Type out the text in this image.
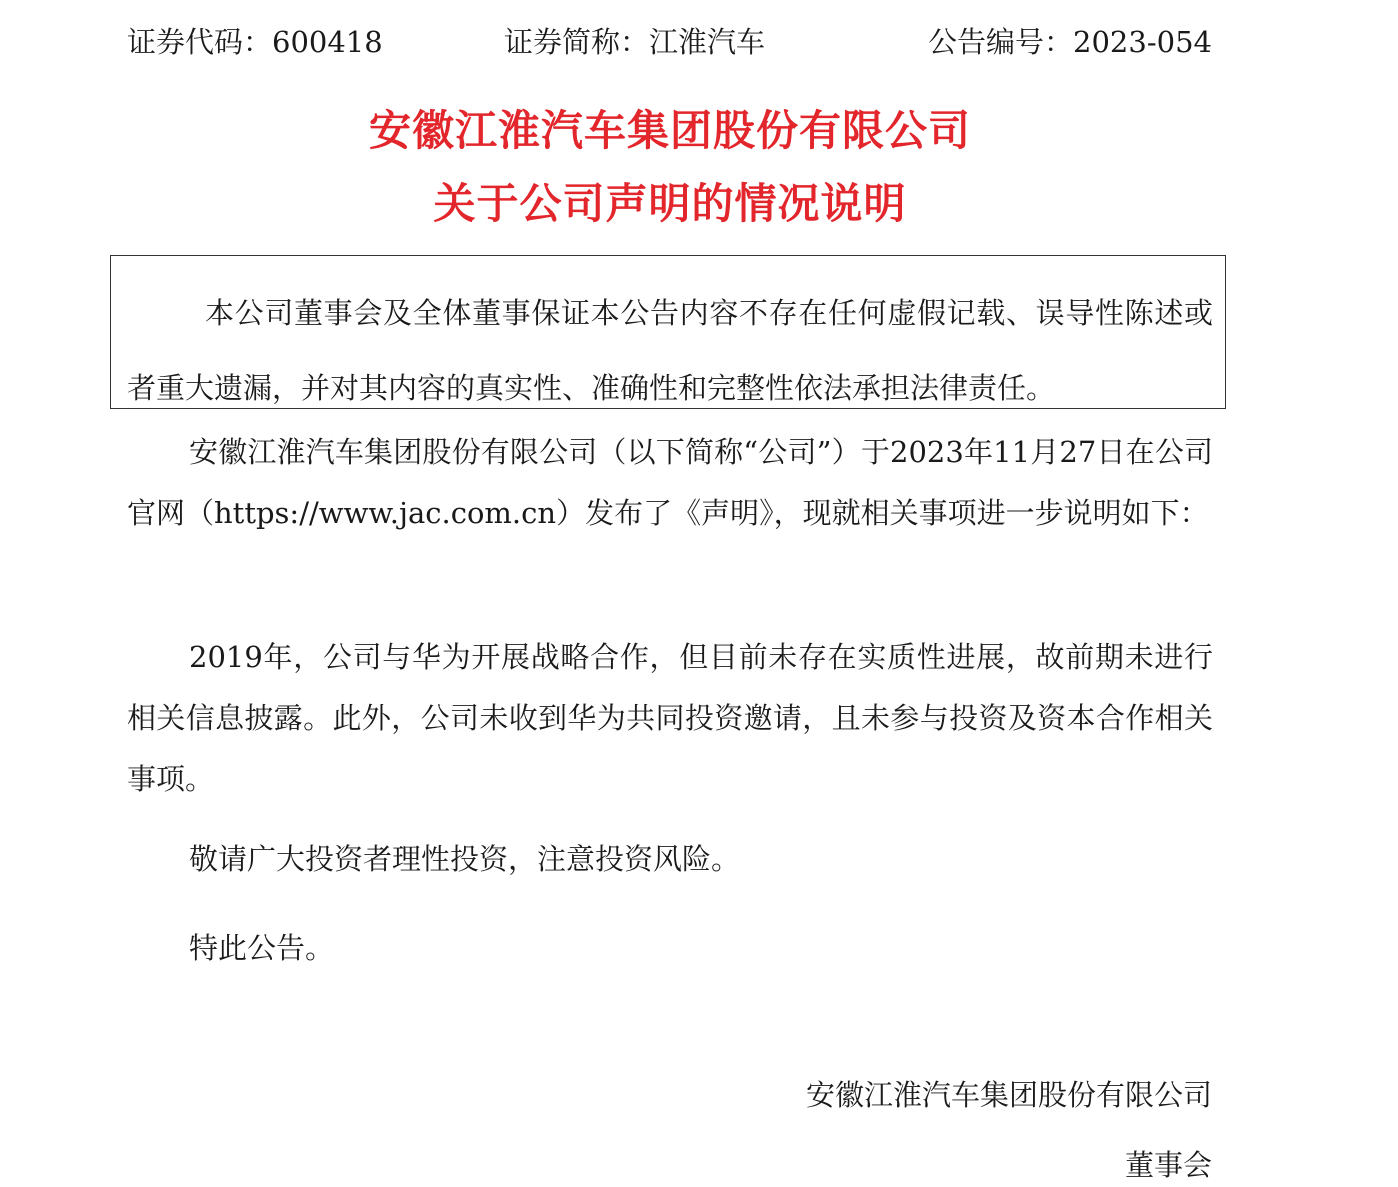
证券代码：600418	证券简称：江淮汽车	公告编号：2023-054
安徽江淮汽车集团股份有限公司
关于公司声明的情况说明

本公司董事会及全体董事保证本公告内容不存在任何虚假记载、误导性陈述或者重大遗漏，并对其内容的真实性、准确性和完整性依法承担法律责任。

安徽江淮汽车集团股份有限公司（以下简称“公司”）于2023年11月27日在公司官网（https://www.jac.com.cn）发布了《声明》，现就相关事项进一步说明如下：

2019年，公司与华为开展战略合作，但目前未存在实质性进展，故前期未进行相关信息披露。此外，公司未收到华为共同投资邀请，且未参与投资及资本合作相关事项。

敬请广大投资者理性投资，注意投资风险。

特此公告。

安徽江淮汽车集团股份有限公司
董事会
